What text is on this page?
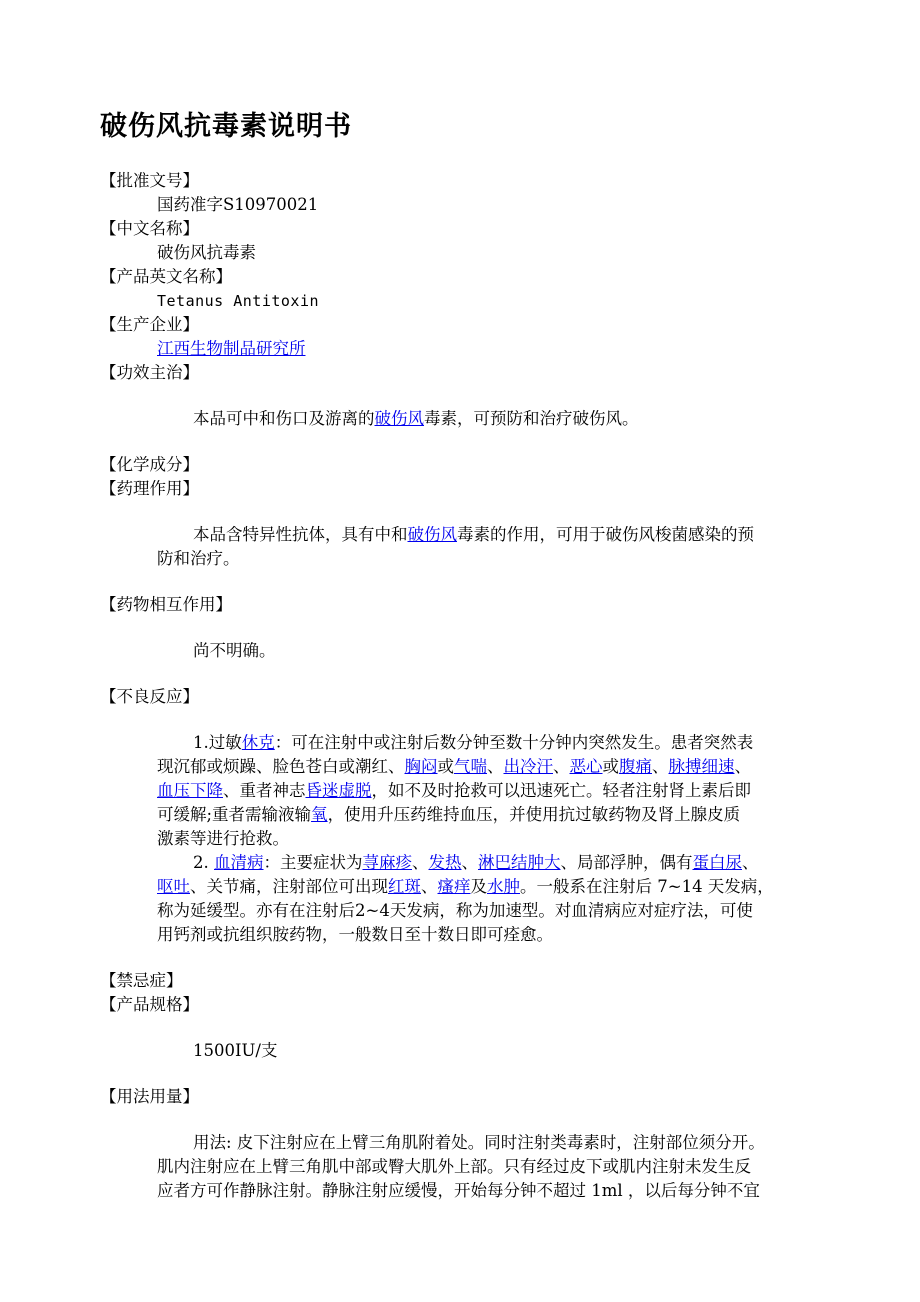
破伤风抗毒素说明书
【批准文号】
国药准字S10970021
【中文名称】
破伤风抗毒素
【产品英文名称】
Tetanus Antitoxin
【生产企业】
江西生物制品研究所
【功效主治】
本品可中和伤口及游离的破伤风毒素，可预防和治疗破伤风。
【化学成分】
【药理作用】
本品含特异性抗体，具有中和破伤风毒素的作用，可用于破伤风梭菌感染的预
防和治疗。
【药物相互作用】
尚不明确。
【不良反应】
1.过敏休克：可在注射中或注射后数分钟至数十分钟内突然发生。患者突然表
现沉郁或烦躁、脸色苍白或潮红、胸闷或气喘、出冷汗、恶心或腹痛、脉搏细速、
血压下降、重者神志昏迷虚脱，如不及时抢救可以迅速死亡。轻者注射肾上素后即
可缓解;重者需输液输氧，使用升压药维持血压，并使用抗过敏药物及肾上腺皮质
激素等进行抢救。
2. 血清病：主要症状为荨麻疹、发热、淋巴结肿大、局部浮肿，偶有蛋白尿、
呕吐、关节痛，注射部位可出现红斑、瘙痒及水肿。一般系在注射后 7~14 天发病，
称为延缓型。亦有在注射后2~4天发病，称为加速型。对血清病应对症疗法，可使
用钙剂或抗组织胺药物，一般数日至十数日即可痊愈。
【禁忌症】
【产品规格】
1500IU/支
【用法用量】
用法: 皮下注射应在上臂三角肌附着处。同时注射类毒素时，注射部位须分开。
肌内注射应在上臂三角肌中部或臀大肌外上部。只有经过皮下或肌内注射未发生反
应者方可作静脉注射。静脉注射应缓慢，开始每分钟不超过 1ml ，以后每分钟不宜
